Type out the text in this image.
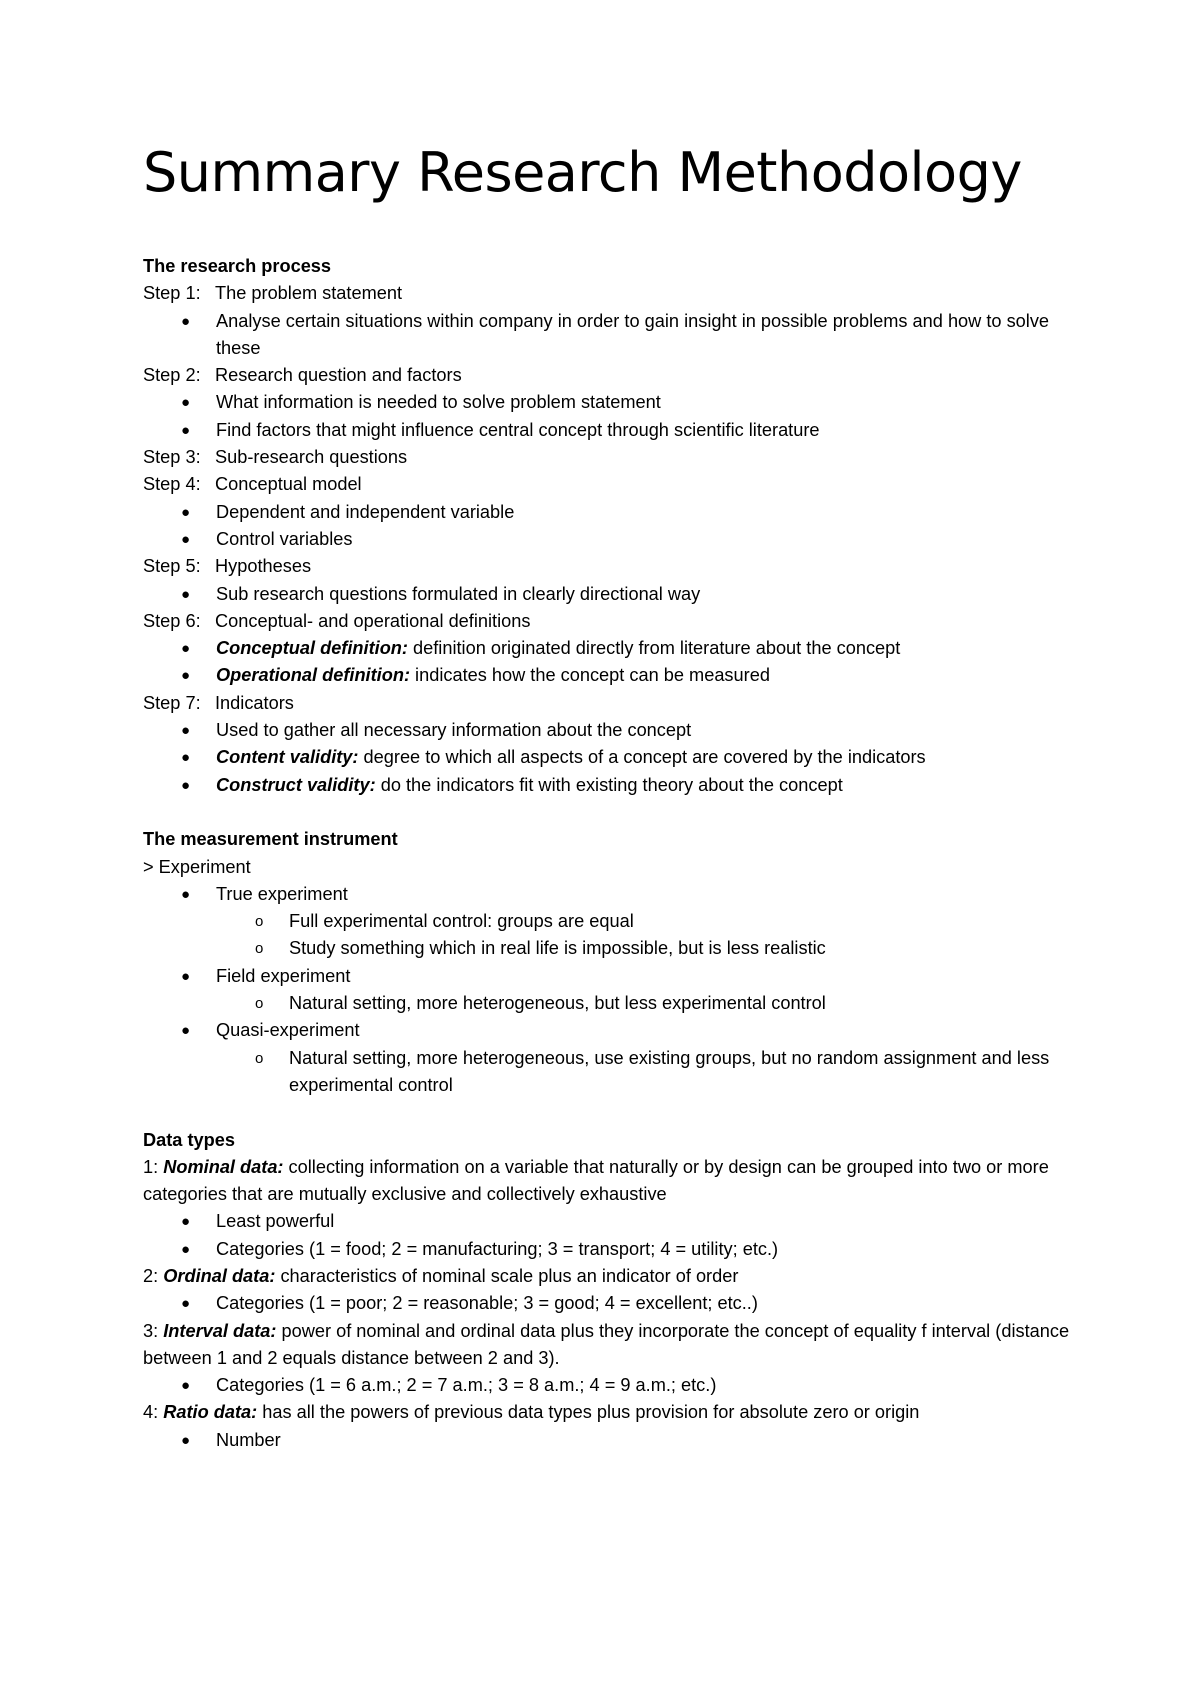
Summary Research Methodology
The research process
Step 1: The problem statement
● Analyse certain situations within company in order to gain insight in possible problems and how to solve these
Step 2: Research question and factors
● What information is needed to solve problem statement
● Find factors that might influence central concept through scientific literature
Step 3: Sub-research questions
Step 4: Conceptual model
● Dependent and independent variable
● Control variables
Step 5: Hypotheses
● Sub research questions formulated in clearly directional way
Step 6: Conceptual- and operational definitions
● Conceptual definition: definition originated directly from literature about the concept
● Operational definition: indicates how the concept can be measured
Step 7: Indicators
● Used to gather all necessary information about the concept
● Content validity: degree to which all aspects of a concept are covered by the indicators
● Construct validity: do the indicators fit with existing theory about the concept
The measurement instrument
> Experiment
● True experiment
o Full experimental control: groups are equal
o Study something which in real life is impossible, but is less realistic
● Field experiment
o Natural setting, more heterogeneous, but less experimental control
● Quasi-experiment
o Natural setting, more heterogeneous, use existing groups, but no random assignment and less experimental control
Data types
1: Nominal data: collecting information on a variable that naturally or by design can be grouped into two or more categories that are mutually exclusive and collectively exhaustive
● Least powerful
● Categories (1 = food; 2 = manufacturing; 3 = transport; 4 = utility; etc.)
2: Ordinal data: characteristics of nominal scale plus an indicator of order
● Categories (1 = poor; 2 = reasonable; 3 = good; 4 = excellent; etc..)
3: Interval data: power of nominal and ordinal data plus they incorporate the concept of equality f interval (distance between 1 and 2 equals distance between 2 and 3).
● Categories (1 = 6 a.m.; 2 = 7 a.m.; 3 = 8 a.m.; 4 = 9 a.m.; etc.)
4: Ratio data: has all the powers of previous data types plus provision for absolute zero or origin
● Number
